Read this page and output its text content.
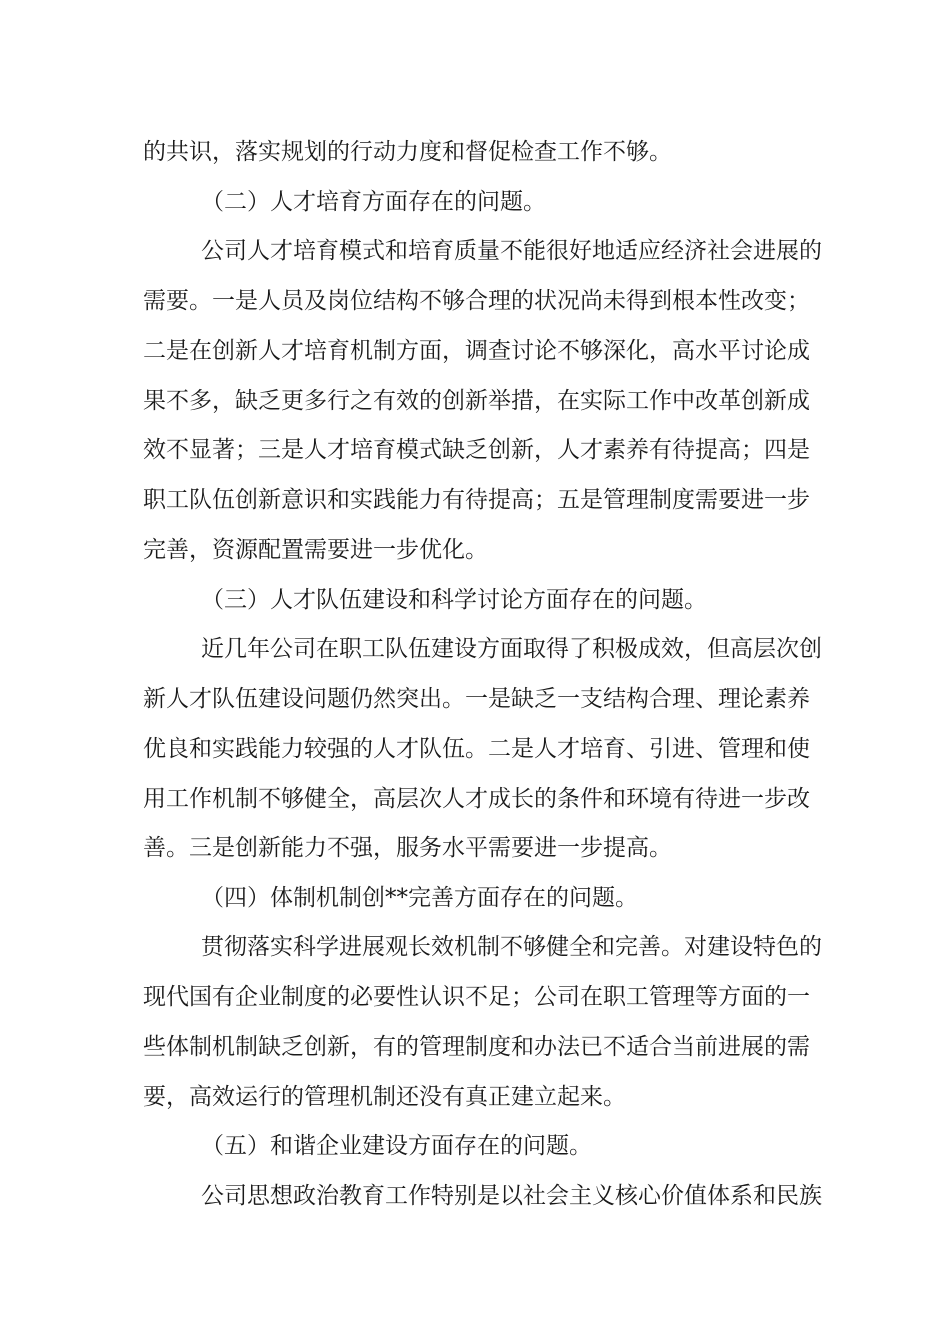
的共识，落实规划的行动力度和督促检查工作不够。
（二）人才培育方面存在的问题。
公司人才培育模式和培育质量不能很好地适应经济社会进展的
需要。一是人员及岗位结构不够合理的状况尚未得到根本性改变；
二是在创新人才培育机制方面，调查讨论不够深化，高水平讨论成
果不多，缺乏更多行之有效的创新举措，在实际工作中改革创新成
效不显著；三是人才培育模式缺乏创新，人才素养有待提高；四是
职工队伍创新意识和实践能力有待提高；五是管理制度需要进一步
完善，资源配置需要进一步优化。
（三）人才队伍建设和科学讨论方面存在的问题。
近几年公司在职工队伍建设方面取得了积极成效，但高层次创
新人才队伍建设问题仍然突出。一是缺乏一支结构合理、理论素养
优良和实践能力较强的人才队伍。二是人才培育、引进、管理和使
用工作机制不够健全，高层次人才成长的条件和环境有待进一步改
善。三是创新能力不强，服务水平需要进一步提高。
（四）体制机制创**完善方面存在的问题。
贯彻落实科学进展观长效机制不够健全和完善。对建设特色的
现代国有企业制度的必要性认识不足；公司在职工管理等方面的一
些体制机制缺乏创新，有的管理制度和办法已不适合当前进展的需
要，高效运行的管理机制还没有真正建立起来。
（五）和谐企业建设方面存在的问题。
公司思想政治教育工作特别是以社会主义核心价值体系和民族
